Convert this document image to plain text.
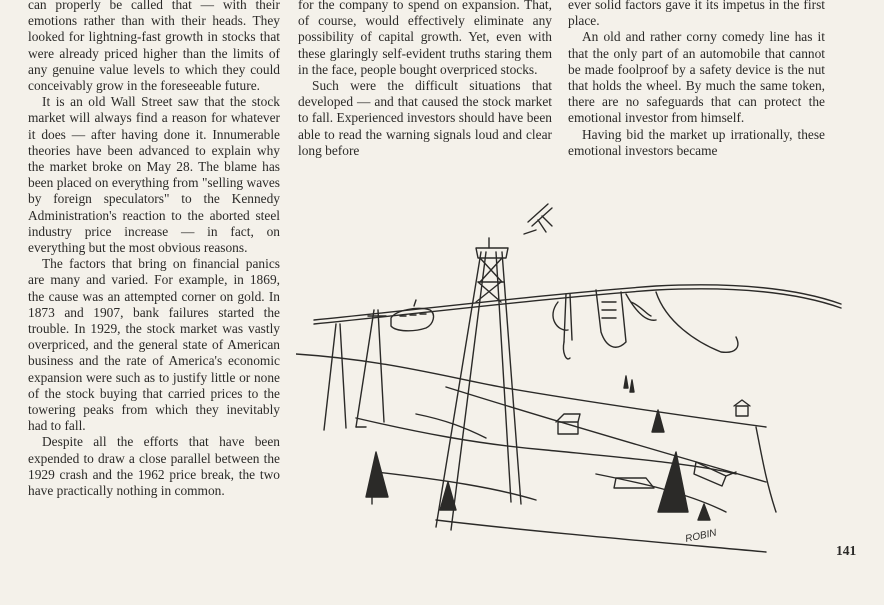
can properly be called that — with their emotions rather than with their heads. They looked for lightning-fast growth in stocks that were already priced higher than the limits of any genuine value levels to which they could conceivably grow in the foreseeable future.

It is an old Wall Street saw that the stock market will always find a reason for whatever it does — after having done it. Innumerable theories have been advanced to explain why the market broke on May 28. The blame has been placed on everything from "selling waves by foreign speculators" to the Kennedy Administration's reaction to the aborted steel industry price increase — in fact, on everything but the most obvious reasons.

The factors that bring on financial panics are many and varied. For example, in 1869, the cause was an attempted corner on gold. In 1873 and 1907, bank failures started the trouble. In 1929, the stock market was vastly overpriced, and the general state of American business and the rate of America's economic expansion were such as to justify little or none of the stock buying that carried prices to the towering peaks from which they inevitably had to fall.

Despite all the efforts that have been expended to draw a close parallel between the 1929 crash and the 1962 price break, the two have practically nothing in common.

for the company to spend on expansion. That, of course, would effectively eliminate any possibility of capital growth. Yet, even with these glaringly self-evident truths staring them in the face, people bought overpriced stocks.

Such were the difficult situations that developed — and that caused the stock market to fall. Experienced investors should have been able to read the warning signals loud and clear long before

ever solid factors gave it its impetus in the first place.

An old and rather corny comedy line has it that the only part of an automobile that cannot be made foolproof by a safety device is the nut that holds the wheel. By much the same token, there are no safeguards that can protect the emotional investor from himself.

Having bid the market up irrationally, these emotional investors became

ROBIN
141
